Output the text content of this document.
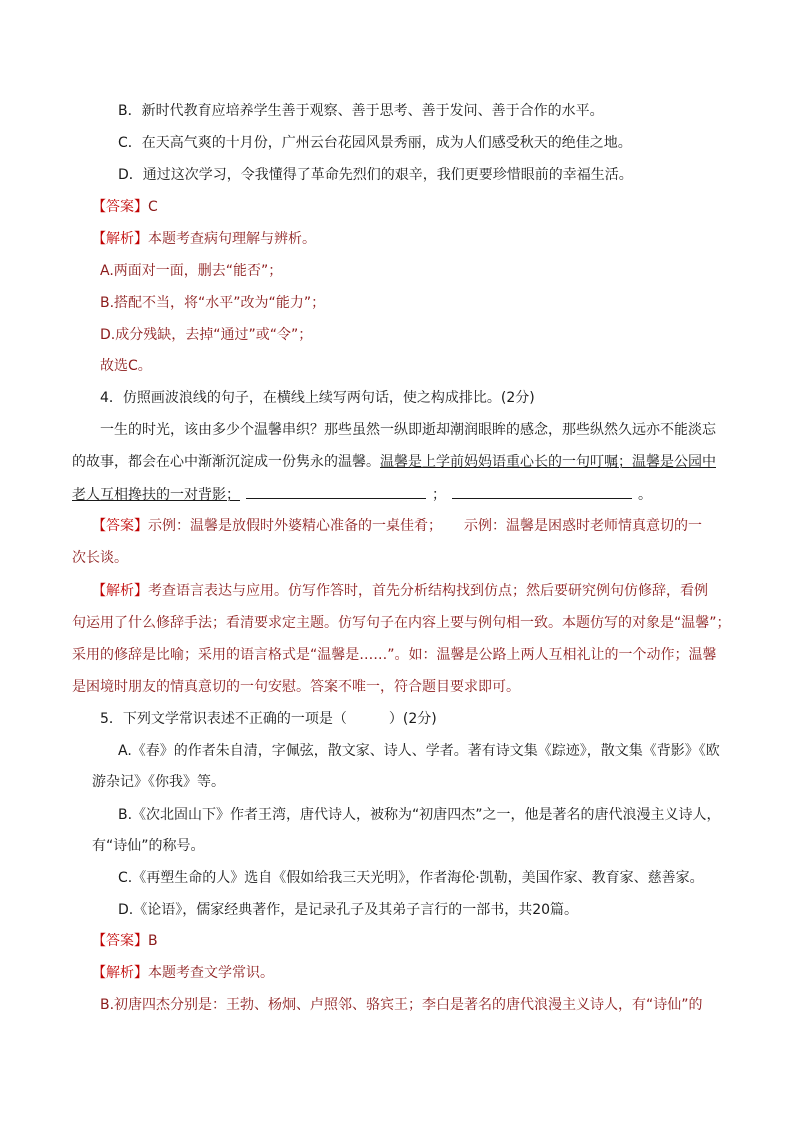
B．新时代教育应培养学生善于观察、善于思考、善于发问、善于合作的水平。
C．在天高气爽的十月份，广州云台花园风景秀丽，成为人们感受秋天的绝佳之地。
D．通过这次学习，令我懂得了革命先烈们的艰辛，我们更要珍惜眼前的幸福生活。
【答案】C
【解析】本题考查病句理解与辨析。
A.两面对一面，删去“能否”；
B.搭配不当，将“水平”改为“能力”；
D.成分残缺，去掉“通过”或“令”；
故选C。
4．仿照画波浪线的句子，在横线上续写两句话，使之构成排比。(2分)
一生的时光，该由多少个温馨串织？那些虽然一纵即逝却潮润眼眸的感念，那些纵然久远亦不能淡忘
的故事，都会在心中渐渐沉淀成一份隽永的温馨。温馨是上学前妈妈语重心长的一句叮嘱；温馨是公园中
老人互相搀扶的一对背影；	；	。
【答案】示例：温馨是放假时外婆精心准备的一桌佳肴； 示例：温馨是困惑时老师情真意切的一
次长谈。
【解析】考查语言表达与应用。仿写作答时，首先分析结构找到仿点；然后要研究例句仿修辞，看例
句运用了什么修辞手法；看清要求定主题。仿写句子在内容上要与例句相一致。本题仿写的对象是“温馨”；
采用的修辞是比喻；采用的语言格式是“温馨是……”。如：温馨是公路上两人互相礼让的一个动作；温馨
是困境时朋友的情真意切的一句安慰。答案不唯一，符合题目要求即可。
5．下列文学常识表述不正确的一项是（　　　）(2分)
A.《春》的作者朱自清，字佩弦，散文家、诗人、学者。著有诗文集《踪迹》，散文集《背影》《欧
游杂记》《你我》等。
B.《次北固山下》作者王湾，唐代诗人，被称为“初唐四杰”之一，他是著名的唐代浪漫主义诗人，
有“诗仙”的称号。
C.《再塑生命的人》选自《假如给我三天光明》，作者海伦·凯勒，美国作家、教育家、慈善家。
D.《论语》，儒家经典著作，是记录孔子及其弟子言行的一部书，共20篇。
【答案】B
【解析】本题考查文学常识。
B.初唐四杰分别是：王勃、杨炯、卢照邻、骆宾王；李白是著名的唐代浪漫主义诗人，有“诗仙”的
